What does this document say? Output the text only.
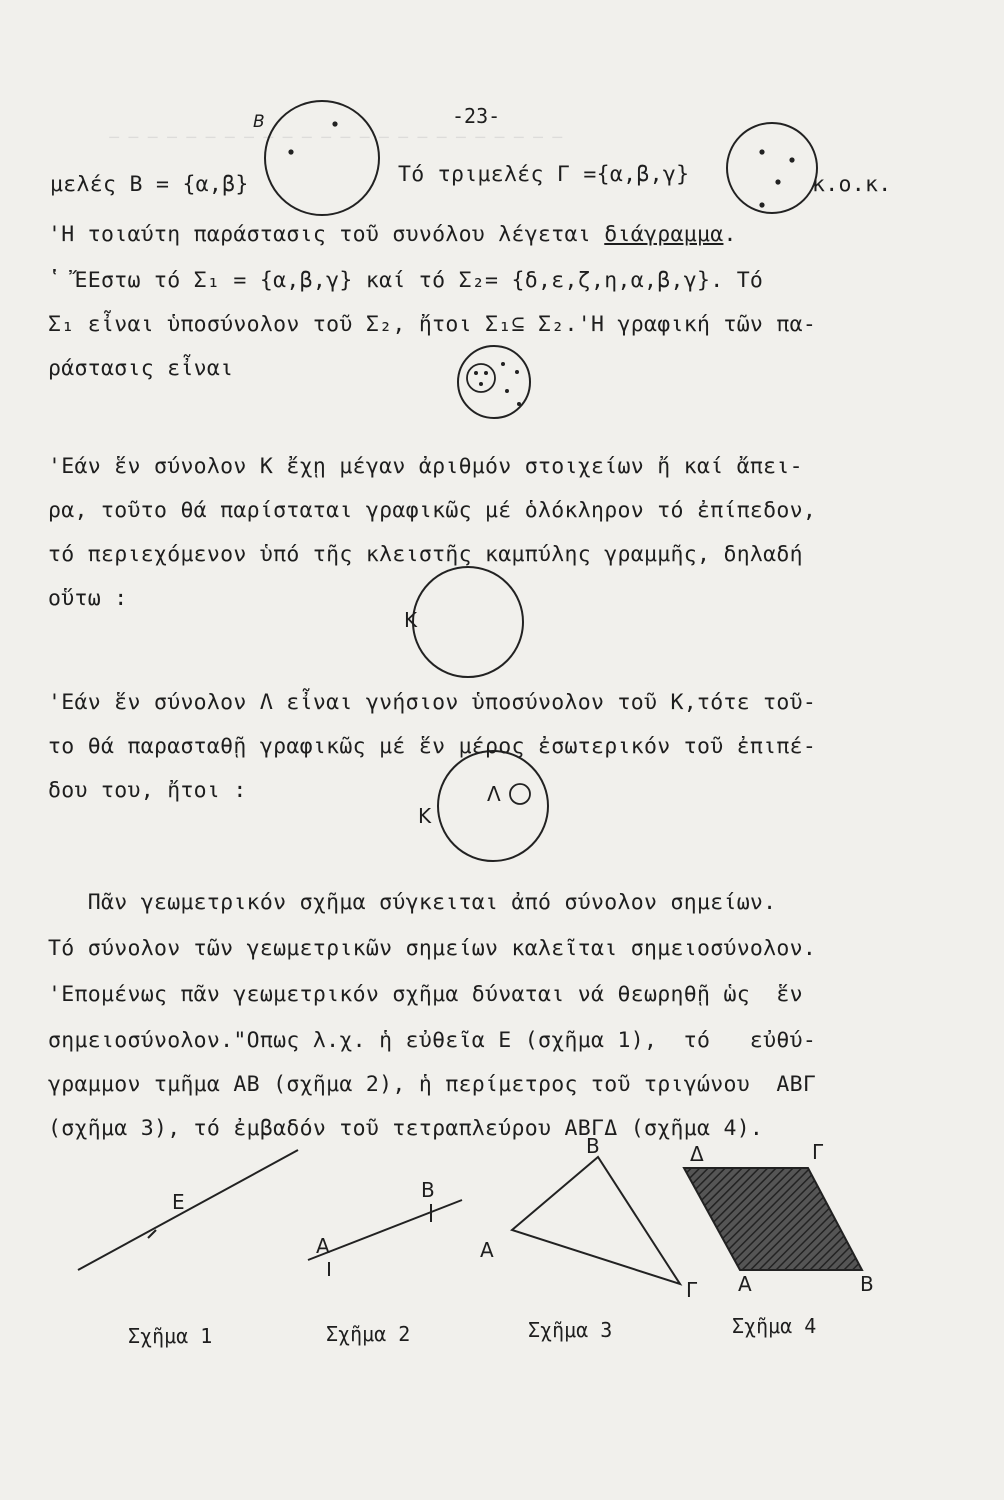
─ ─ ─ ─ ─ ─ ─ ─ ─ ─ ─ ─ ─ ─ ─ ─ ─ ─ ─ ─ ─ ─ ─ ─
Β
Κ
Κ
Λ
Ε
Α
Β
Α
Β
Γ
Δ	Γ
Α	Β
-23-
μελές Β = {α,β}	Τό τριμελές Γ ={α,β,γ}	κ.ο.κ.
'Η τοιαύτη παράστασις τοῦ συνόλου λέγεται διάγραμμα.
ʽ ἜΕστω τό Σ₁ = {α,β,γ} καί τό Σ₂= {δ,ε,ζ,η,α,β,γ}. Τό
Σ₁ εἶναι ὑποσύνολον τοῦ Σ₂, ἤτοι Σ₁⊆ Σ₂.'Η γραφική τῶν πα-
ράστασις εἶναι
'Εάν ἕν σύνολον Κ ἔχῃ μέγαν ἀριθμόν στοιχείων ἤ καί ἄπει-
ρα, τοῦτο θά παρίσταται γραφικῶς μέ ὁλόκληρον τό ἐπίπεδον,
τό περιεχόμενον ὑπό τῆς κλειστῆς καμπύλης γραμμῆς, δηλαδή
οὕτω :
'Εάν ἕν σύνολον Λ εἶναι γνήσιον ὑποσύνολον τοῦ Κ,τότε τοῦ-
το θά παρασταθῇ γραφικῶς μέ ἕν μέρος ἐσωτερικόν τοῦ ἐπιπέ-
δου του, ἤτοι :
Πᾶν γεωμετρικόν σχῆμα σύγκειται ἀπό σύνολον σημείων.
Τό σύνολον τῶν γεωμετρικῶν σημείων καλεῖται σημειοσύνολον.
'Επομένως πᾶν γεωμετρικόν σχῆμα δύναται νά θεωρηθῇ ὡς  ἕν
σημειοσύνολον."Οπως λ.χ. ἡ εὐθεῖα Ε (σχῆμα 1),  τό   εὐθύ-
γραμμον τμῆμα ΑΒ (σχῆμα 2), ἡ περίμετρος τοῦ τριγώνου  ΑΒΓ
(σχῆμα 3), τό ἐμβαδόν τοῦ τετραπλεύρου ΑΒΓΔ (σχῆμα 4).
Σχῆμα 1	Σχῆμα 2	Σχῆμα 3	Σχῆμα 4
